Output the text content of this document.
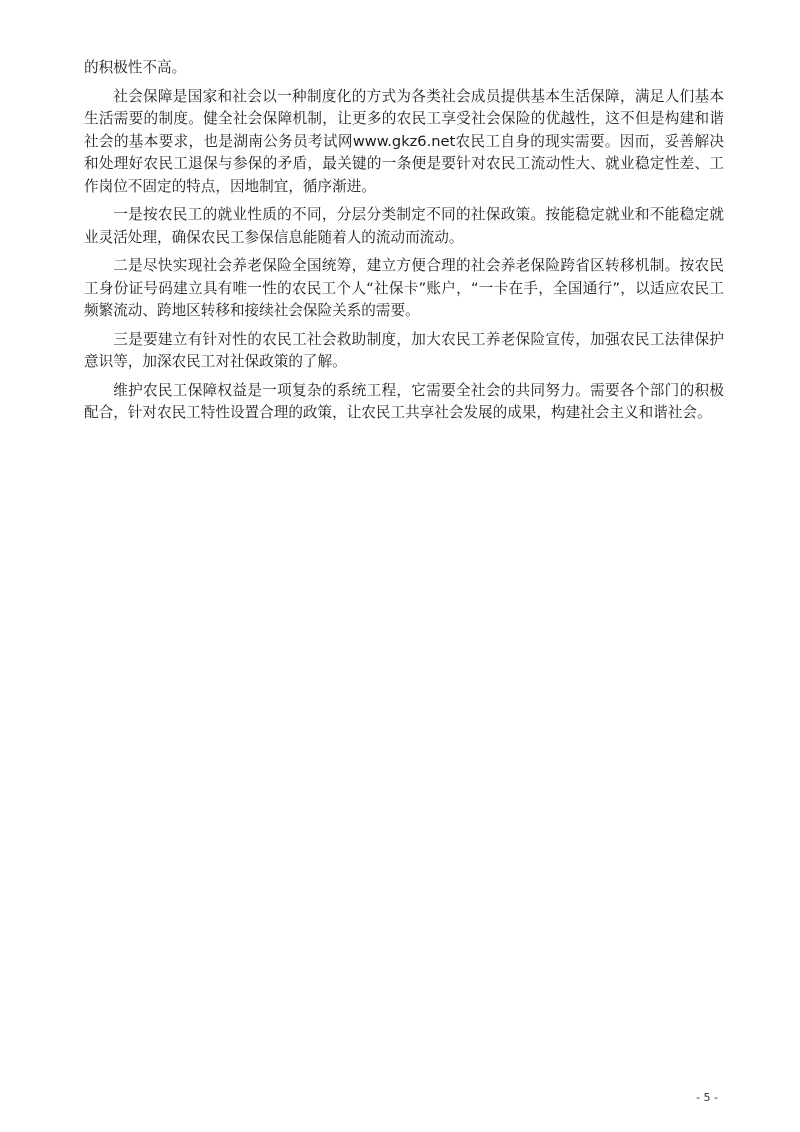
的积极性不高。

社会保障是国家和社会以一种制度化的方式为各类社会成员提供基本生活保障，满足人们基本生活需要的制度。健全社会保障机制，让更多的农民工享受社会保险的优越性，这不但是构建和谐社会的基本要求，也是湖南公务员考试网www.gkz6.net农民工自身的现实需要。因而，妥善解决和处理好农民工退保与参保的矛盾，最关键的一条便是要针对农民工流动性大、就业稳定性差、工作岗位不固定的特点，因地制宜，循序渐进。

一是按农民工的就业性质的不同，分层分类制定不同的社保政策。按能稳定就业和不能稳定就业灵活处理，确保农民工参保信息能随着人的流动而流动。

二是尽快实现社会养老保险全国统筹，建立方便合理的社会养老保险跨省区转移机制。按农民工身份证号码建立具有唯一性的农民工个人“社保卡”账户，“一卡在手，全国通行”，以适应农民工频繁流动、跨地区转移和接续社会保险关系的需要。

三是要建立有针对性的农民工社会救助制度，加大农民工养老保险宣传，加强农民工法律保护意识等，加深农民工对社保政策的了解。

维护农民工保障权益是一项复杂的系统工程，它需要全社会的共同努力。需要各个部门的积极配合，针对农民工特性设置合理的政策，让农民工共享社会发展的成果，构建社会主义和谐社会。

- 5 -
